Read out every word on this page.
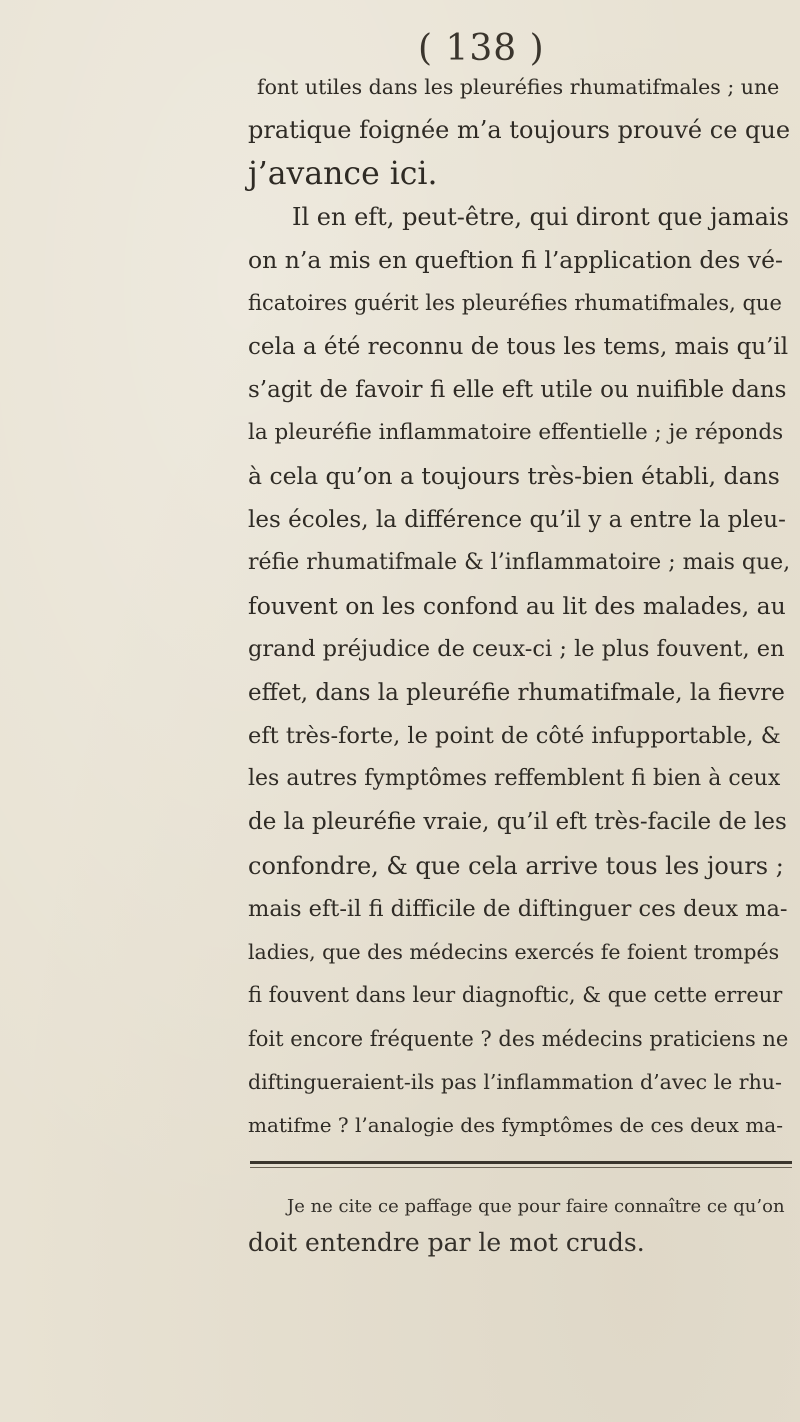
( 138 )
font utiles dans les pleuréfies rhumatifmales ; une
pratique foignée m’a toujours prouvé ce que
j’avance ici.
Il en eft, peut-être, qui diront que jamais
on n’a mis en queftion fi l’application des vé-
ficatoires guérit les pleuréfies rhumatifmales, que
cela a été reconnu de tous les tems, mais qu’il
s’agit de favoir fi elle eft utile ou nuifible dans
la pleuréfie inflammatoire effentielle ; je réponds
à cela qu’on a toujours très-bien établi, dans
les écoles, la différence qu’il y a entre la pleu-
réfie rhumatifmale & l’inflammatoire ; mais que,
fouvent on les confond au lit des malades, au
grand préjudice de ceux-ci ; le plus fouvent, en
effet, dans la pleuréfie rhumatifmale, la fievre
eft très-forte, le point de côté infupportable, &
les autres fymptômes reffemblent fi bien à ceux
de la pleuréfie vraie, qu’il eft très-facile de les
confondre, & que cela arrive tous les jours ;
mais eft-il fi difficile de diftinguer ces deux ma-
ladies, que des médecins exercés fe foient trompés
fi fouvent dans leur diagnoftic, & que cette erreur
foit encore fréquente ? des médecins praticiens ne
Je ne cite ce paffage que pour faire connaître ce qu’on
doit entendre par le mot cruds.
diftingueraient-ils pas l’inflammation d’avec le rhu-
matifme ? l’analogie des fymptômes de ces deux ma-
